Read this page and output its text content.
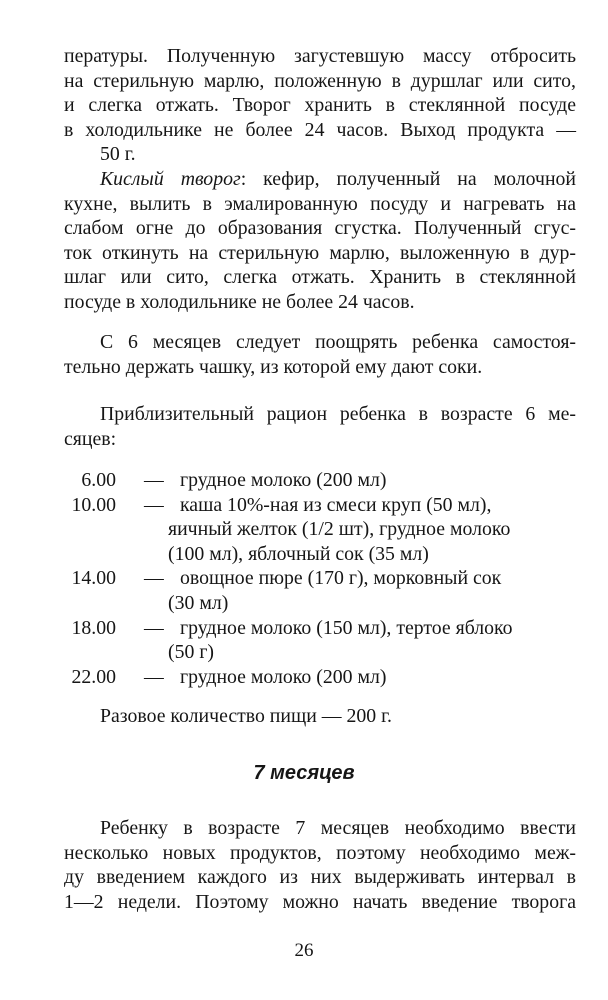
пературы. Полученную загустевшую массу отбросить
на стерильную марлю, положенную в дуршлаг или сито,
и слегка отжать. Творог хранить в стеклянной посуде
в холодильнике не более 24 часов. Выход продукта —
50 г.
Кислый творог: кефир, полученный на молочной
кухне, вылить в эмалированную посуду и нагревать на
слабом огне до образования сгустка. Полученный сгус-
ток откинуть на стерильную марлю, выложенную в дур-
шлаг или сито, слегка отжать. Хранить в стеклянной
посуде в холодильнике не более 24 часов.
С 6 месяцев следует поощрять ребенка самостоя-
тельно держать чашку, из которой ему дают соки.
Приблизительный рацион ребенка в возрасте 6 ме-
сяцев:
6.00 — грудное молоко (200 мл)
10.00 — каша 10%-ная из смеси круп (50 мл),
яичный желток (1/2 шт), грудное молоко
(100 мл), яблочный сок (35 мл)
14.00 — овощное пюре (170 г), морковный сок
(30 мл)
18.00 — грудное молоко (150 мл), тертое яблоко
(50 г)
22.00 — грудное молоко (200 мл)
Разовое количество пищи — 200 г.
7 месяцев
Ребенку в возрасте 7 месяцев необходимо ввести
несколько новых продуктов, поэтому необходимо меж-
ду введением каждого из них выдерживать интервал в
1—2 недели. Поэтому можно начать введение творога
26
